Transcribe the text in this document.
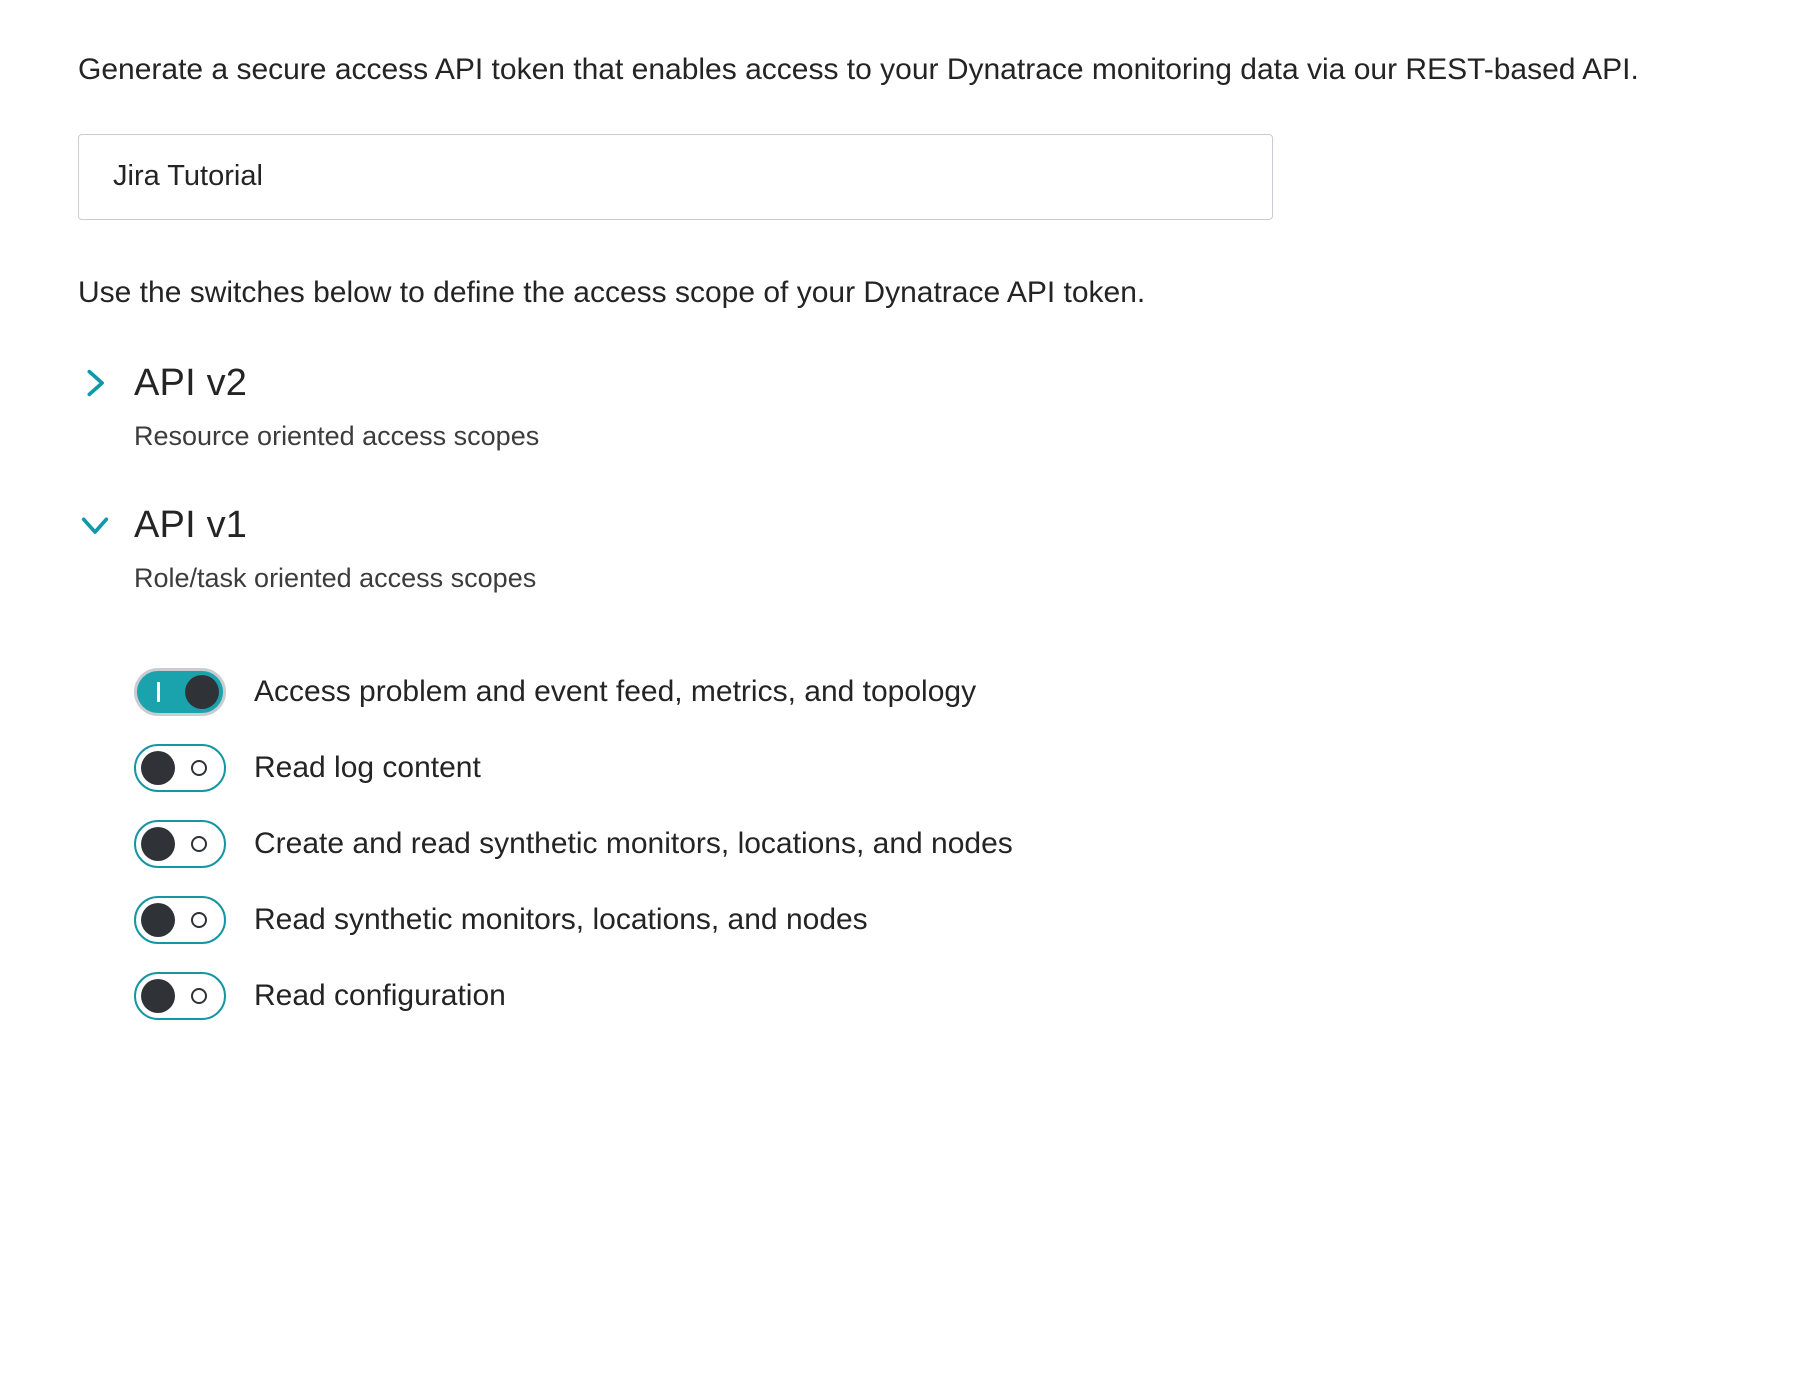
Generate a secure access API token that enables access to your Dynatrace monitoring data via our REST-based API.
Jira Tutorial
Use the switches below to define the access scope of your Dynatrace API token.
API v2
Resource oriented access scopes
API v1
Role/task oriented access scopes
Access problem and event feed, metrics, and topology
Read log content
Create and read synthetic monitors, locations, and nodes
Read synthetic monitors, locations, and nodes
Read configuration
